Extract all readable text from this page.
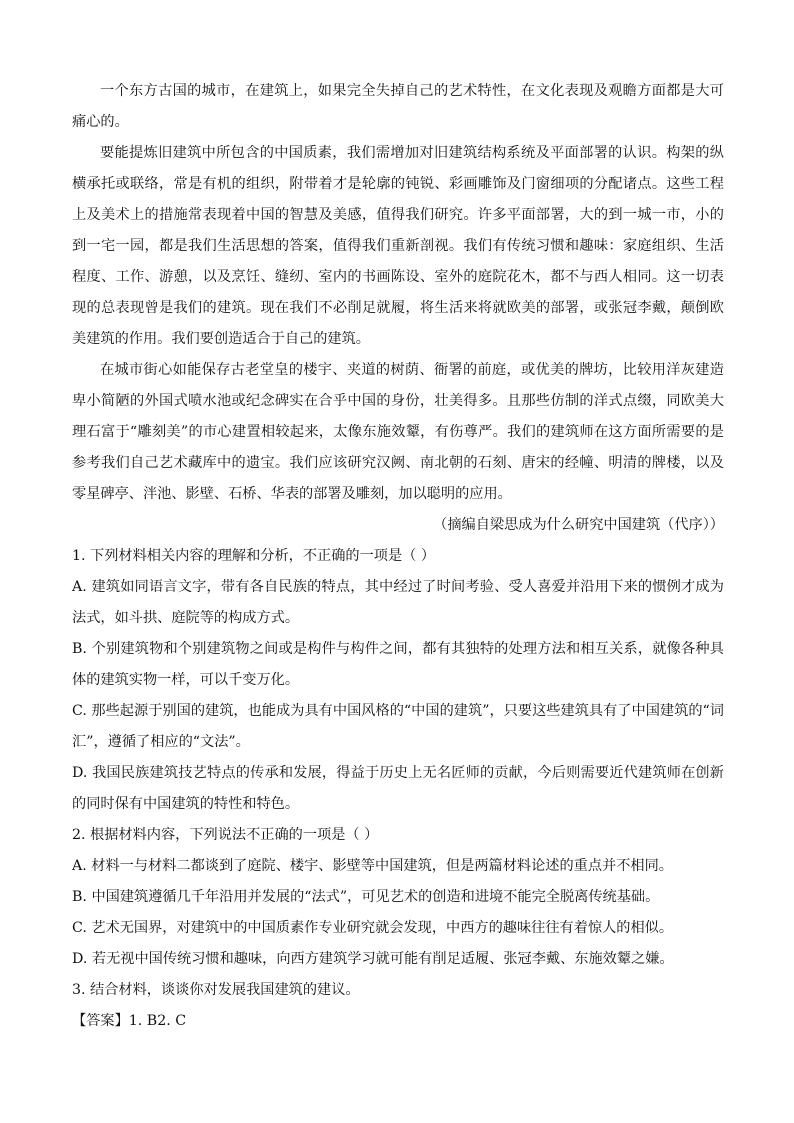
一个东方古国的城市，在建筑上，如果完全失掉自己的艺术特性，在文化表现及观瞻方面都是大可痛心的。

要能提炼旧建筑中所包含的中国质素，我们需增加对旧建筑结构系统及平面部署的认识。构架的纵横承托或联络，常是有机的组织，附带着才是轮廓的钝锐、彩画雕饰及门窗细项的分配诸点。这些工程上及美术上的措施常表现着中国的智慧及美感，值得我们研究。许多平面部署，大的到一城一市，小的到一宅一园，都是我们生活思想的答案，值得我们重新剖视。我们有传统习惯和趣味：家庭组织、生活程度、工作、游憩，以及烹饪、缝纫、室内的书画陈设、室外的庭院花木，都不与西人相同。这一切表现的总表现曾是我们的建筑。现在我们不必削足就履，将生活来将就欧美的部署，或张冠李戴，颠倒欧美建筑的作用。我们要创造适合于自己的建筑。

在城市街心如能保存古老堂皇的楼宇、夹道的树荫、衙署的前庭，或优美的牌坊，比较用洋灰建造卑小简陋的外国式喷水池或纪念碑实在合乎中国的身份，壮美得多。且那些仿制的洋式点缀，同欧美大理石富于“雕刻美”的市心建置相较起来，太像东施效颦，有伤尊严。我们的建筑师在这方面所需要的是参考我们自己艺术藏库中的遗宝。我们应该研究汉阙、南北朝的石刻、唐宋的经幢、明清的牌楼，以及零星碑亭、泮池、影壁、石桥、华表的部署及雕刻，加以聪明的应用。

（摘编自梁思成为什么研究中国建筑（代序））

1. 下列材料相关内容的理解和分析，不正确的一项是（ ）

A. 建筑如同语言文字，带有各自民族的特点，其中经过了时间考验、受人喜爱并沿用下来的惯例才成为法式，如斗拱、庭院等的构成方式。

B. 个别建筑物和个别建筑物之间或是构件与构件之间，都有其独特的处理方法和相互关系，就像各种具体的建筑实物一样，可以千变万化。

C. 那些起源于别国的建筑，也能成为具有中国风格的“中国的建筑”，只要这些建筑具有了中国建筑的“词汇”，遵循了相应的“文法”。

D. 我国民族建筑技艺特点的传承和发展，得益于历史上无名匠师的贡献，今后则需要近代建筑师在创新的同时保有中国建筑的特性和特色。

2. 根据材料内容，下列说法不正确的一项是（ ）

A. 材料一与材料二都谈到了庭院、楼宇、影壁等中国建筑，但是两篇材料论述的重点并不相同。

B. 中国建筑遵循几千年沿用并发展的“法式”，可见艺术的创造和进境不能完全脱离传统基础。

C. 艺术无国界，对建筑中的中国质素作专业研究就会发现，中西方的趣味往往有着惊人的相似。

D. 若无视中国传统习惯和趣味，向西方建筑学习就可能有削足适履、张冠李戴、东施效颦之嫌。

3. 结合材料，谈谈你对发展我国建筑的建议。

【答案】1. B2. C
